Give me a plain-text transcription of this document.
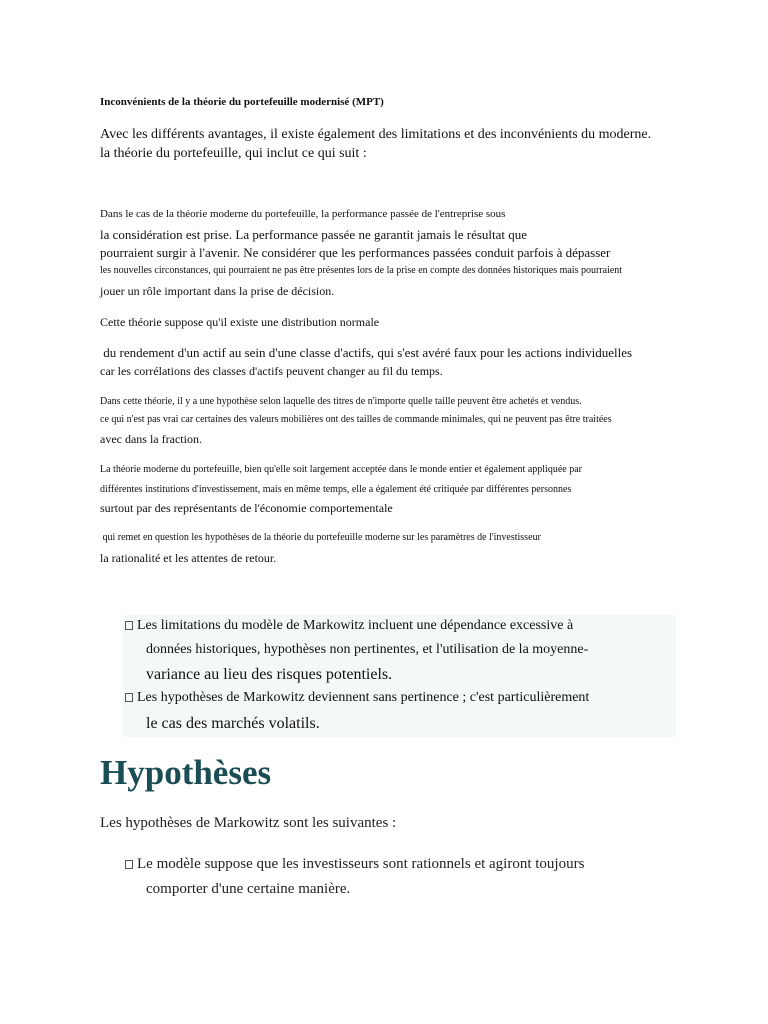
Inconvénients de la théorie du portefeuille modernisé (MPT)

Avec les différents avantages, il existe également des limitations et des inconvénients du moderne.

la théorie du portefeuille, qui inclut ce qui suit :

Dans le cas de la théorie moderne du portefeuille, la performance passée de l'entreprise sous

la considération est prise. La performance passée ne garantit jamais le résultat que

pourraient surgir à l'avenir. Ne considérer que les performances passées conduit parfois à dépasser

les nouvelles circonstances, qui pourraient ne pas être présentes lors de la prise en compte des données historiques mais pourraient

jouer un rôle important dans la prise de décision.

Cette théorie suppose qu'il existe une distribution normale

du rendement d'un actif au sein d'une classe d'actifs, qui s'est avéré faux pour les actions individuelles

car les corrélations des classes d'actifs peuvent changer au fil du temps.

Dans cette théorie, il y a une hypothèse selon laquelle des titres de n'importe quelle taille peuvent être achetés et vendus.

ce qui n'est pas vrai car certaines des valeurs mobilières ont des tailles de commande minimales, qui ne peuvent pas être traitées

avec dans la fraction.

La théorie moderne du portefeuille, bien qu'elle soit largement acceptée dans le monde entier et également appliquée par

différentes institutions d'investissement, mais en même temps, elle a également été critiquée par différentes personnes

surtout par des représentants de l'économie comportementale

qui remet en question les hypothèses de la théorie du portefeuille moderne sur les paramètres de l'investisseur

la rationalité et les attentes de retour.

Les limitations du modèle de Markowitz incluent une dépendance excessive à

données historiques, hypothèses non pertinentes, et l'utilisation de la moyenne-

variance au lieu des risques potentiels.

Les hypothèses de Markowitz deviennent sans pertinence ; c'est particulièrement

le cas des marchés volatils.

Hypothèses

Les hypothèses de Markowitz sont les suivantes :

Le modèle suppose que les investisseurs sont rationnels et agiront toujours

comporter d'une certaine manière.
